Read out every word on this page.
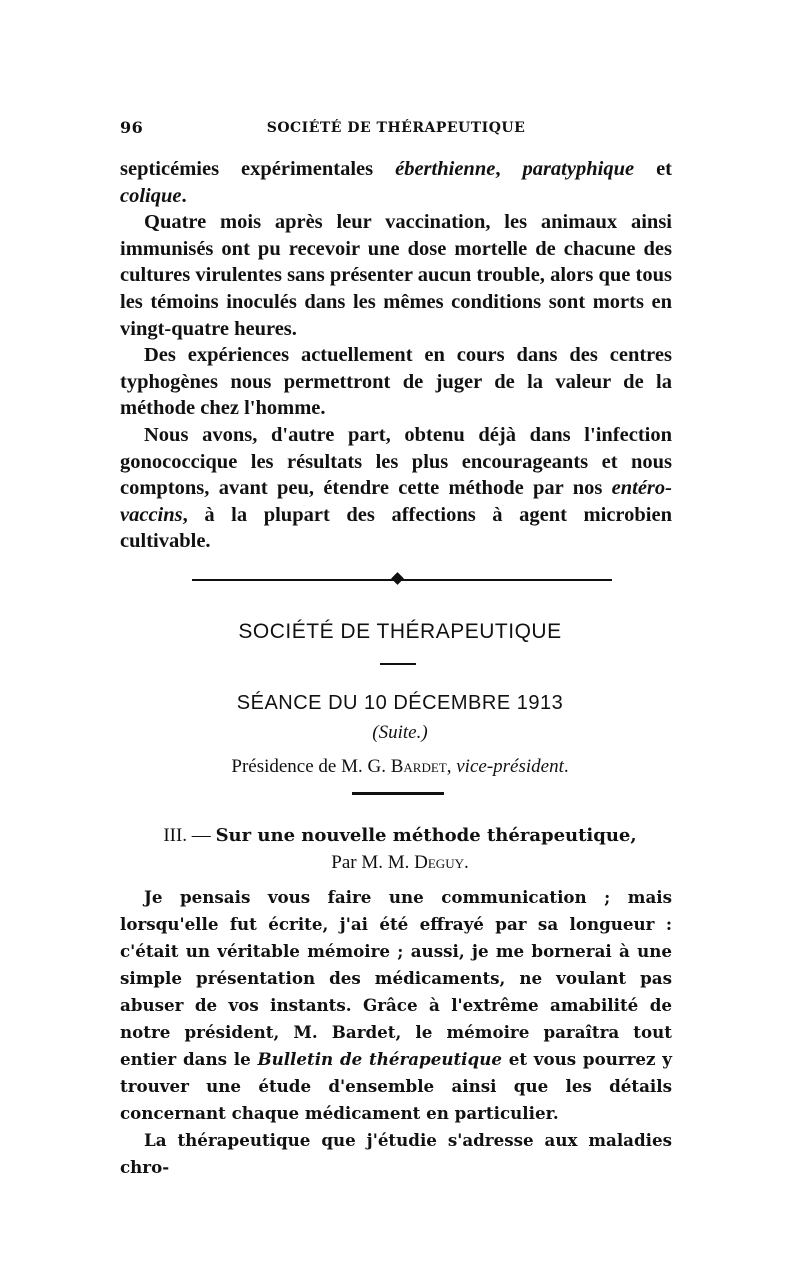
96	SOCIÉTÉ DE THÉRAPEUTIQUE

septicémies expérimentales éberthienne, paratyphique et colique.

Quatre mois après leur vaccination, les animaux ainsi immunisés ont pu recevoir une dose mortelle de chacune des cultures virulentes sans présenter aucun trouble, alors que tous les témoins inoculés dans les mêmes conditions sont morts en vingt-quatre heures.

Des expériences actuellement en cours dans des centres typhogènes nous permettront de juger de la valeur de la méthode chez l'homme.

Nous avons, d'autre part, obtenu déjà dans l'infection gonococcique les résultats les plus encourageants et nous comptons, avant peu, étendre cette méthode par nos entéro-vaccins, à la plupart des affections à agent microbien cultivable.

SOCIÉTÉ DE THÉRAPEUTIQUE
SÉANCE DU 10 DÉCEMBRE 1913
(Suite.)
Présidence de M. G. Bardet, vice-président.
III. — Sur une nouvelle méthode thérapeutique,
Par M. M. Deguy.

Je pensais vous faire une communication ; mais lorsqu'elle fut écrite, j'ai été effrayé par sa longueur : c'était un véritable mémoire ; aussi, je me bornerai à une simple présentation des médicaments, ne voulant pas abuser de vos instants. Grâce à l'extrême amabilité de notre président, M. Bardet, le mémoire paraîtra tout entier dans le Bulletin de thérapeutique et vous pourrez y trouver une étude d'ensemble ainsi que les détails concernant chaque médicament en particulier.

La thérapeutique que j'étudie s'adresse aux maladies chro-
